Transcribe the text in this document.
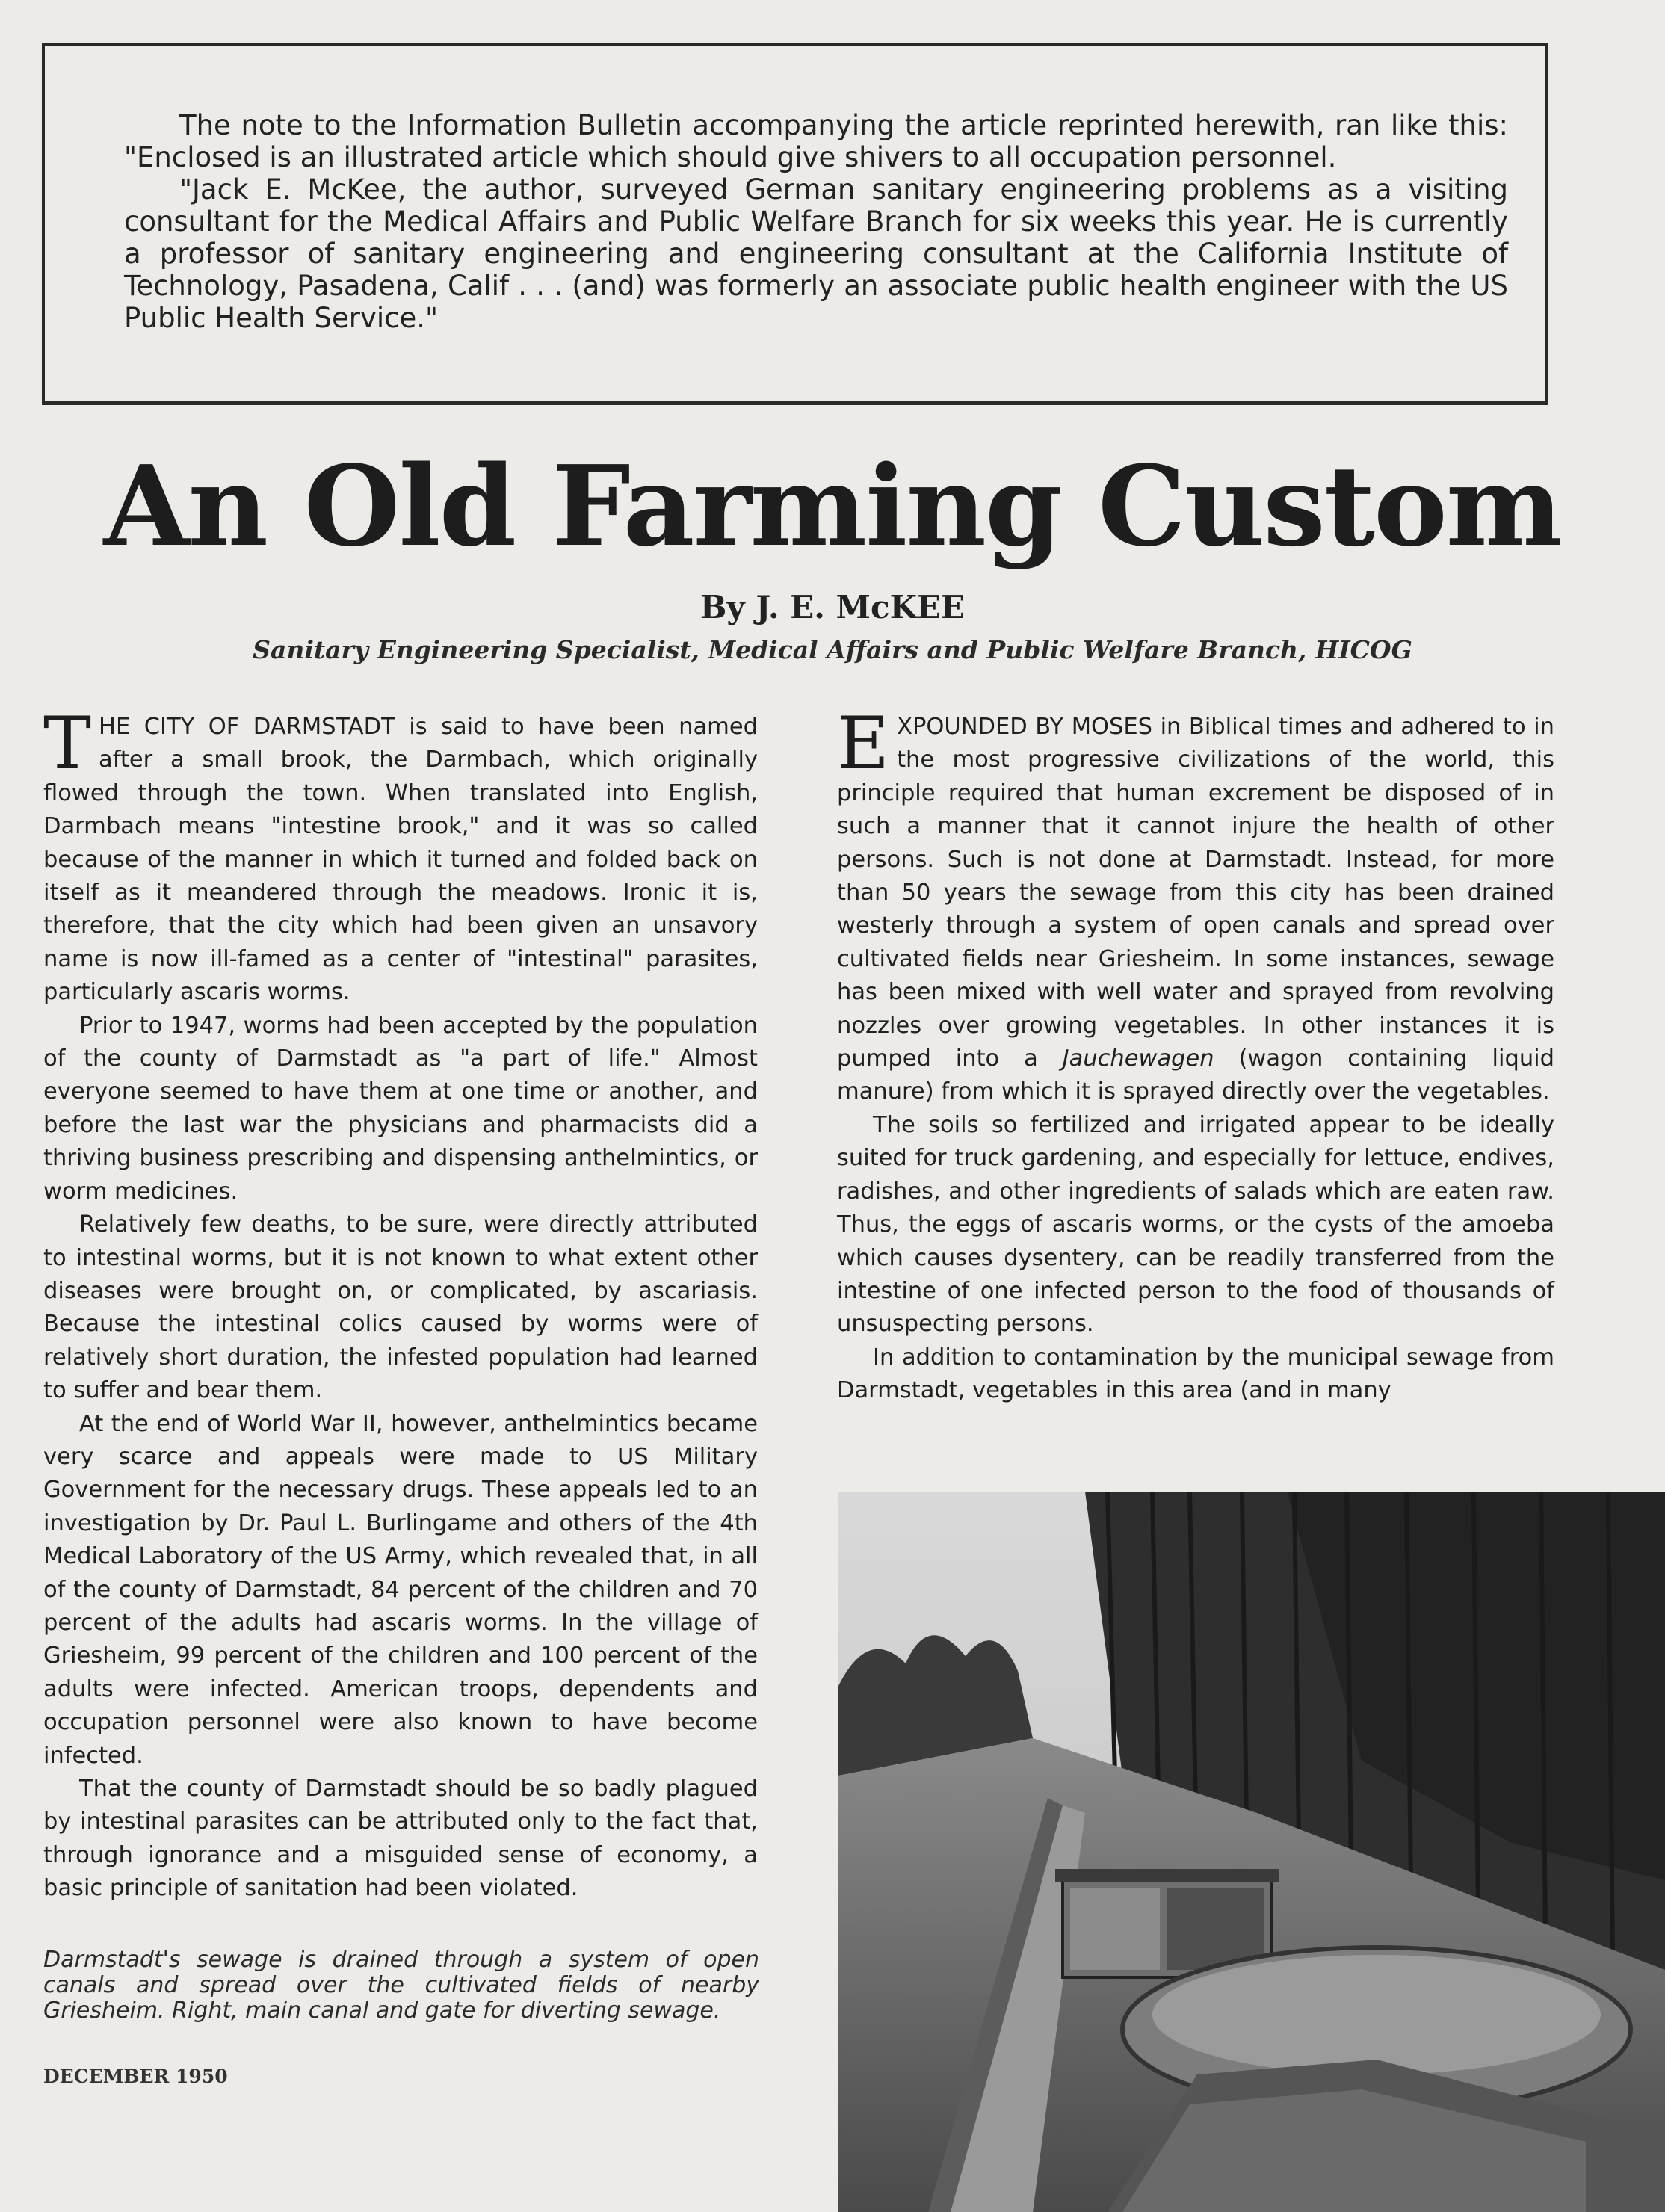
The note to the Information Bulletin accompanying the article reprinted herewith, ran like this: "Enclosed is an illustrated article which should give shivers to all occupation personnel.

"Jack E. McKee, the author, surveyed German sanitary engineering problems as a visiting consultant for the Medical Affairs and Public Welfare Branch for six weeks this year. He is currently a professor of sanitary engineering and engineering consultant at the California Institute of Technology, Pasadena, Calif . . . (and) was formerly an associate public health engineer with the US Public Health Service."

An Old Farming Custom
By J. E. McKEE
Sanitary Engineering Specialist, Medical Affairs and Public Welfare Branch, HICOG

THE CITY OF DARMSTADT is said to have been named after a small brook, the Darmbach, which originally flowed through the town. When translated into English, Darmbach means "intestine brook," and it was so called because of the manner in which it turned and folded back on itself as it meandered through the meadows. Ironic it is, therefore, that the city which had been given an unsavory name is now ill-famed as a center of "intestinal" parasites, particularly ascaris worms.

Prior to 1947, worms had been accepted by the population of the county of Darmstadt as "a part of life." Almost everyone seemed to have them at one time or another, and before the last war the physicians and pharmacists did a thriving business prescribing and dispensing anthelmintics, or worm medicines.

Relatively few deaths, to be sure, were directly attributed to intestinal worms, but it is not known to what extent other diseases were brought on, or complicated, by ascariasis. Because the intestinal colics caused by worms were of relatively short duration, the infested population had learned to suffer and bear them.

At the end of World War II, however, anthelmintics became very scarce and appeals were made to US Military Government for the necessary drugs. These appeals led to an investigation by Dr. Paul L. Burlingame and others of the 4th Medical Laboratory of the US Army, which revealed that, in all of the county of Darmstadt, 84 percent of the children and 70 percent of the adults had ascaris worms. In the village of Griesheim, 99 percent of the children and 100 percent of the adults were infected. American troops, dependents and occupation personnel were also known to have become infected.

That the county of Darmstadt should be so badly plagued by intestinal parasites can be attributed only to the fact that, through ignorance and a misguided sense of economy, a basic principle of sanitation had been violated.

EXPOUNDED BY MOSES in Biblical times and adhered to in the most progressive civilizations of the world, this principle required that human excrement be disposed of in such a manner that it cannot injure the health of other persons. Such is not done at Darmstadt. Instead, for more than 50 years the sewage from this city has been drained westerly through a system of open canals and spread over cultivated fields near Griesheim. In some instances, sewage has been mixed with well water and sprayed from revolving nozzles over growing vegetables. In other instances it is pumped into a Jauchewagen (wagon containing liquid manure) from which it is sprayed directly over the vegetables.

The soils so fertilized and irrigated appear to be ideally suited for truck gardening, and especially for lettuce, endives, radishes, and other ingredients of salads which are eaten raw. Thus, the eggs of ascaris worms, or the cysts of the amoeba which causes dysentery, can be readily transferred from the intestine of one infected person to the food of thousands of unsuspecting persons.

In addition to contamination by the municipal sewage from Darmstadt, vegetables in this area (and in many

Darmstadt's sewage is drained through a system of open canals and spread over the cultivated fields of nearby Griesheim. Right, main canal and gate for diverting sewage.

DECEMBER 1950
